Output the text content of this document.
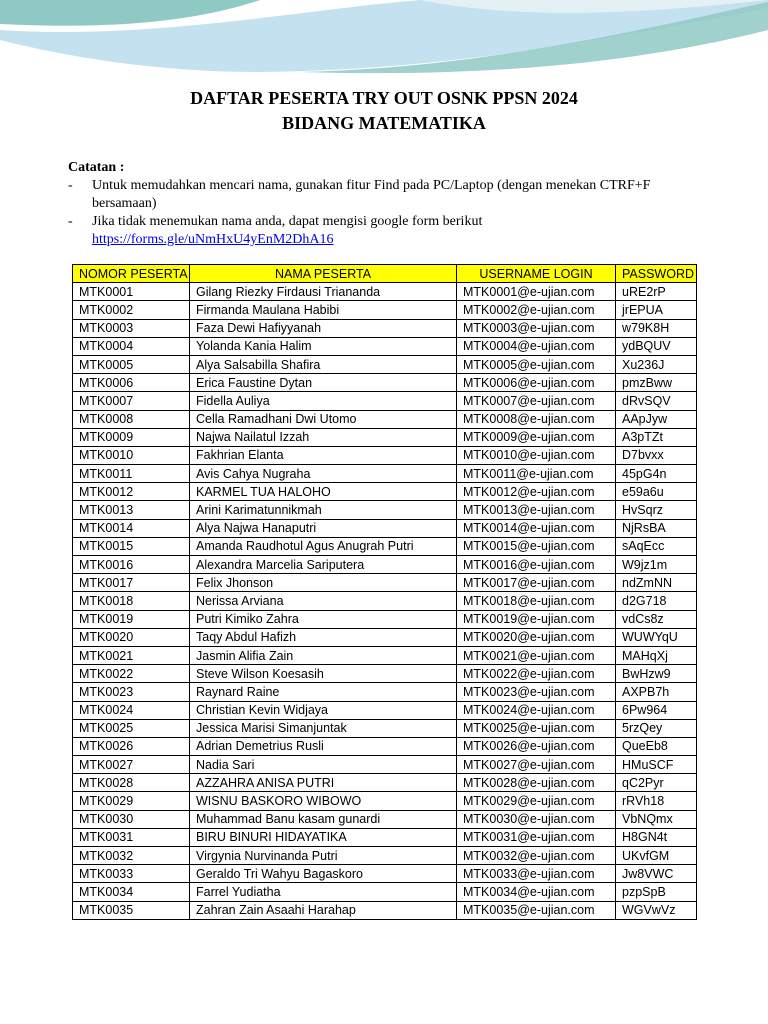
DAFTAR PESERTA TRY OUT OSNK PPSN 2024
BIDANG MATEMATIKA
Catatan :
-	Untuk memudahkan mencari nama, gunakan fitur Find pada PC/Laptop (dengan menekan CTRF+F bersamaan)
-	Jika tidak menemukan nama anda, dapat mengisi google form berikut
https://forms.gle/uNmHxU4yEnM2DhA16
NOMOR PESERTA	NAMA PESERTA	USERNAME LOGIN	PASSWORD
MTK0001	Gilang Riezky Firdausi Triananda	MTK0001@e-ujian.com	uRE2rP
MTK0002	Firmanda Maulana Habibi	MTK0002@e-ujian.com	jrEPUA
MTK0003	Faza Dewi Hafiyyanah	MTK0003@e-ujian.com	w79K8H
MTK0004	Yolanda Kania Halim	MTK0004@e-ujian.com	ydBQUV
MTK0005	Alya Salsabilla Shafira	MTK0005@e-ujian.com	Xu236J
MTK0006	Erica Faustine Dytan	MTK0006@e-ujian.com	pmzBww
MTK0007	Fidella Auliya	MTK0007@e-ujian.com	dRvSQV
MTK0008	Cella Ramadhani Dwi Utomo	MTK0008@e-ujian.com	AApJyw
MTK0009	Najwa Nailatul Izzah	MTK0009@e-ujian.com	A3pTZt
MTK0010	Fakhrian Elanta	MTK0010@e-ujian.com	D7bvxx
MTK0011	Avis Cahya Nugraha	MTK0011@e-ujian.com	45pG4n
MTK0012	KARMEL TUA HALOHO	MTK0012@e-ujian.com	e59a6u
MTK0013	Arini Karimatunnikmah	MTK0013@e-ujian.com	HvSqrz
MTK0014	Alya Najwa Hanaputri	MTK0014@e-ujian.com	NjRsBA
MTK0015	Amanda Raudhotul Agus Anugrah Putri	MTK0015@e-ujian.com	sAqEcc
MTK0016	Alexandra Marcelia Sariputera	MTK0016@e-ujian.com	W9jz1m
MTK0017	Felix Jhonson	MTK0017@e-ujian.com	ndZmNN
MTK0018	Nerissa Arviana	MTK0018@e-ujian.com	d2G718
MTK0019	Putri Kimiko Zahra	MTK0019@e-ujian.com	vdCs8z
MTK0020	Taqy Abdul Hafizh	MTK0020@e-ujian.com	WUWYqU
MTK0021	Jasmin Alifia Zain	MTK0021@e-ujian.com	MAHqXj
MTK0022	Steve Wilson Koesasih	MTK0022@e-ujian.com	BwHzw9
MTK0023	Raynard Raine	MTK0023@e-ujian.com	AXPB7h
MTK0024	Christian Kevin Widjaya	MTK0024@e-ujian.com	6Pw964
MTK0025	Jessica Marisi Simanjuntak	MTK0025@e-ujian.com	5rzQey
MTK0026	Adrian Demetrius Rusli	MTK0026@e-ujian.com	QueEb8
MTK0027	Nadia Sari	MTK0027@e-ujian.com	HMuSCF
MTK0028	AZZAHRA ANISA PUTRI	MTK0028@e-ujian.com	qC2Pyr
MTK0029	WISNU BASKORO WIBOWO	MTK0029@e-ujian.com	rRVh18
MTK0030	Muhammad Banu kasam gunardi	MTK0030@e-ujian.com	VbNQmx
MTK0031	BIRU BINURI HIDAYATIKA	MTK0031@e-ujian.com	H8GN4t
MTK0032	Virgynia Nurvinanda Putri	MTK0032@e-ujian.com	UKvfGM
MTK0033	Geraldo Tri Wahyu Bagaskoro	MTK0033@e-ujian.com	Jw8VWC
MTK0034	Farrel Yudiatha	MTK0034@e-ujian.com	pzpSpB
MTK0035	Zahran Zain Asaahi Harahap	MTK0035@e-ujian.com	WGVwVz
